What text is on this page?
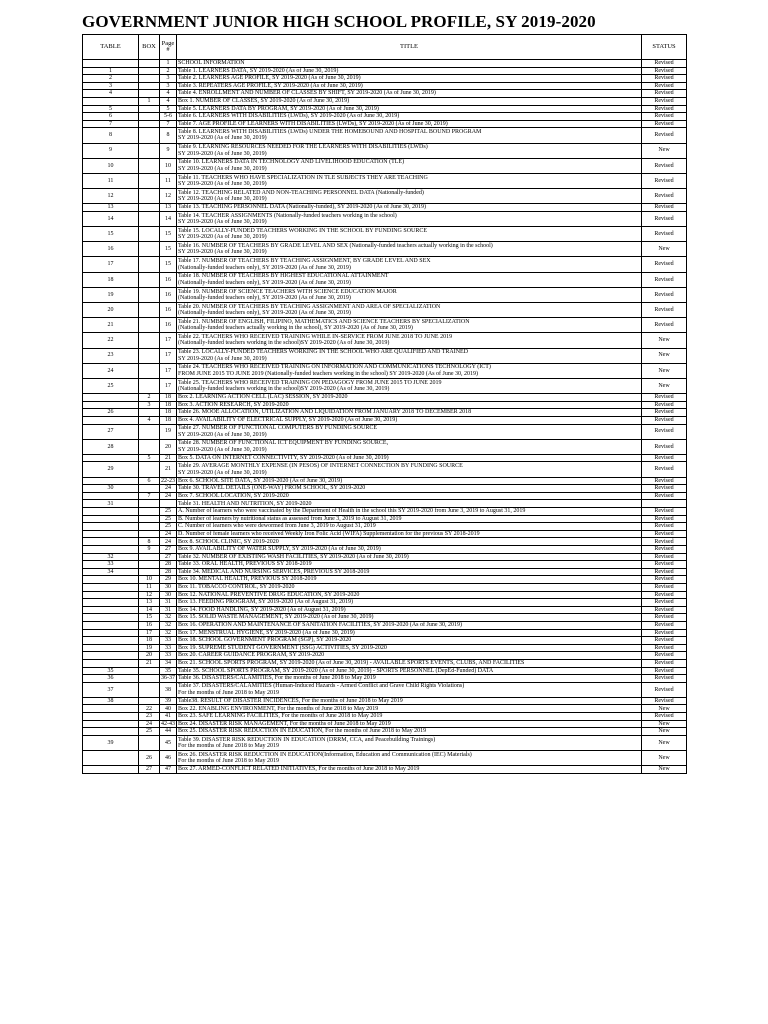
GOVERNMENT JUNIOR HIGH SCHOOL PROFILE, SY 2019-2020
TABLE	BOX	Page #	TITLE	STATUS
		1	SCHOOL INFORMATION	Revised
1		2	Table 1. LEARNERS DATA, SY 2019-2020 (As of June 30, 2019)	Revised
2		3	Table 2. LEARNERS AGE PROFILE, SY 2019-2020 (As of June 30, 2019)	Revised
3		3	Table 3. REPEATERS AGE PROFILE, SY 2019-2020 (As of June 30, 2019)	Revised
4		4	Table 4. ENROLLMENT AND NUMBER OF CLASSES BY SHIFT, SY 2019-2020 (As of June 30, 2019)	Revised
	1	4	Box 1. NUMBER OF CLASSES, SY 2019-2020 (As of June 30, 2019)	Revised
5		5	Table 5. LEARNERS DATA BY PROGRAM, SY 2019-2020 (As of June 30, 2019)	Revised
6		5-6	Table 6. LEARNERS WITH DISABILITIES (LWDs), SY 2019-2020 (As of June 30, 2019)	Revised
7		7	Table 7. AGE PROFILE OF LEARNERS WITH DISABILITIES (LWDs), SY 2019-2020 (As of June 30, 2019)	Revised
8		8	Table 8. LEARNERS WITH DISABILITIES (LWDs) UNDER THE HOMEBOUND AND HOSPITAL BOUND PROGRAM
SY 2019-2020 (As of June 30, 2019)	Revised
9		9	Table 9. LEARNING RESOURCES NEEDED FOR THE LEARNERS WITH DISABILITIES (LWDs)
SY 2019-2020 (As of June 30, 2019)	New
10		10	Table 10. LEARNERS DATA IN TECHNOLOGY AND LIVELIHOOD EDUCATION (TLE)
SY 2019-2020 (As of June 30, 2019)	Revised
11		11	Table 11. TEACHERS WHO HAVE SPECIALIZATION IN TLE SUBJECTS THEY ARE TEACHING
SY 2019-2020 (As of June 30, 2019)	Revised
12		12	Table 12. TEACHING RELATED AND NON-TEACHING PERSONNEL DATA (Nationally-funded)
SY 2019-2020 (As of June 30, 2019)	Revised
13		13	Table 13. TEACHING PERSONNEL DATA (Nationally-funded), SY 2019-2020 (As of June 30, 2019)	Revised
14		14	Table 14. TEACHER ASSIGNMENTS (Nationally-funded teachers working in the school)
SY 2019-2020 (As of June 30, 2019)	Revised
15		15	Table 15. LOCALLY-FUNDED TEACHERS WORKING IN THE SCHOOL BY FUNDING SOURCE
SY 2019-2020 (As of June 30, 2019)	Revised
16		15	Table 16. NUMBER OF TEACHERS BY GRADE LEVEL AND SEX (Nationally-funded teachers actually working in the school)
SY 2019-2020 (As of June 30, 2019)	New
17		15	Table 17. NUMBER OF TEACHERS BY TEACHING ASSIGNMENT, BY GRADE LEVEL AND SEX
(Nationally-funded teachers only), SY 2019-2020 (As of June 30, 2019)	Revised
18		16	Table 18. NUMBER OF TEACHERS BY HIGHEST EDUCATIONAL ATTAINMENT
(Nationally-funded teachers only), SY 2019-2020 (As of June 30, 2019)	Revised
19		16	Table 19. NUMBER OF SCIENCE TEACHERS WITH SCIENCE EDUCATION MAJOR
(Nationally-funded teachers only), SY 2019-2020 (As of June 30, 2019)	Revised
20		16	Table 20. NUMBER OF TEACHERS BY TEACHING ASSIGNMENT AND AREA OF SPECIALIZATION
(Nationally-funded teachers only), SY 2019-2020 (As of June 30, 2019)	Revised
21		16	Table 21. NUMBER OF ENGLISH, FILIPINO, MATHEMATICS AND SCIENCE TEACHERS BY SPECIALIZATION
(Nationally-funded teachers actually working in the school), SY 2019-2020 (As of June 30, 2019)	Revised
22		17	Table 22. TEACHERS WHO RECEIVED TRAINING WHILE IN-SERVICE FROM JUNE 2018 TO JUNE 2019
(Nationally-funded teachers working in the school)SY 2019-2020 (As of June 30, 2019)	New
23		17	Table 23. LOCALLY-FUNDED TEACHERS WORKING IN THE SCHOOL WHO ARE QUALIFIED AND TRAINED
SY 2019-2020 (As of June 30, 2019)	New
24		17	Table 24. TEACHERS WHO RECEIVED TRAINING ON INFORMATION AND COMMUNICATIONS TECHNOLOGY (ICT)
FROM JUNE 2015 TO JUNE 2019 (Nationally-funded teachers working in the school) SY 2019-2020 (As of June 30, 2019)	New
25		17	Table 25. TEACHERS WHO RECEIVED TRAINING ON PEDAGOGY FROM JUNE 2015 TO JUNE 2019
(Nationally-funded teachers working in the school)SY 2019-2020 (As of June 30, 2019)	New
	2	18	Box 2. LEARNING ACTION CELL (LAC) SESSION, SY 2019-2020	Revised
	3	18	Box 3. ACTION RESEARCH, SY 2019-2020	Revised
26		18	Table 26. MOOE ALLOCATION, UTILIZATION AND LIQUIDATION FROM JANUARY 2018 TO DECEMBER 2018	Revised
	4	18	Box 4. AVAILABILITY OF ELECTRICAL SUPPLY, SY 2019-2020 (As of June 30, 2019)	Revised
27		19	Table 27. NUMBER OF FUNCTIONAL COMPUTERS BY FUNDING SOURCE
SY 2019-2020 (As of June 30, 2019)	Revised
28		20	Table 28. NUMBER OF FUNCTIONAL ICT EQUIPMENT BY FUNDING SOURCE,
SY 2019-2020 (As of June 30, 2019)	Revised
	5	21	Box 5. DATA ON INTERNET CONNECTIVITY, SY 2019-2020 (As of June 30, 2019)	Revised
29		21	Table 29. AVERAGE MONTHLY EXPENSE (IN PESOS) OF INTERNET CONNECTION BY FUNDING SOURCE
SY 2019-2020 (As of June 30, 2019)	Revised
	6	22-23	Box 6. SCHOOL SITE DATA, SY 2019-2020 (As of June 30, 2019)	Revised
30		24	Table 30. TRAVEL DETAILS (ONE-WAY) FROM SCHOOL, SY 2019-2020	Revised
	7	24	Box 7. SCHOOL LOCATION, SY 2019-2020	Revised
31			Table 31. HEALTH AND NUTRITION, SY 2019-2020	

		25	A. Number of learners who were vaccinated by the Department of Health in the school this SY 2019-2020 from June 3, 2019 to August 31, 2019	Revised
		25	B. Number of learners by nutritional status as assessed from June 3, 2019 to August 31, 2019	Revised
		25	C. Number of learners who were dewormed from June 3, 2019 to August 31, 2019	Revised
		24	D. Number of female learners who received Weekly Iron Folic Acid (WIFA) Supplementation for the previous SY 2018-2019	Revised
	8	24	Box 8. SCHOOL CLINIC, SY 2019-2020	Revised
	9	27	Box 9. AVAILABILITY OF WATER SUPPLY, SY 2019-2020 (As of June 30, 2019)	Revised
32		27	Table 32. NUMBER OF EXISTING WASH FACILITIES, SY 2019-2020 (As of June 30, 2019)	Revised
33		28	Table 33. ORAL HEALTH, PREVIOUS SY 2018-2019	Revised
34		28	Table 34. MEDICAL AND NURSING SERVICES, PREVIOUS SY 2018-2019	Revised
	10	29	Box 10. MENTAL HEALTH, PREVIOUS SY 2018-2019	Revised
	11	30	Box 11. TOBACCO CONTROL, SY 2019-2020	Revised
	12	30	Box 12. NATIONAL PREVENTIVE DRUG EDUCATION, SY 2019-2020	Revised
	13	31	Box 13. FEEDING PROGRAM, SY 2019-2020 (As of August 31, 2019)	Revised
	14	31	Box 14. FOOD HANDLING, SY 2019-2020 (As of August 31, 2019)	Revised
	15	32	Box 15. SOLID WASTE MANAGEMENT, SY 2019-2020 (As of June 30, 2019)	Revised
	16	32	Box 16. OPERATION AND MAINTENANCE OF SANITATION FACILITIES, SY 2019-2020 (As of June 30, 2019)	Revised
	17	32	Box 17. MENSTRUAL HYGIENE, SY 2019-2020 (As of June 30, 2019)	Revised
	18	33	Box 18. SCHOOL GOVERNMENT PROGRAM (SGP), SY 2019-2020	Revised
	19	33	Box 19. SUPREME STUDENT GOVERNMENT (SSG) ACTIVITIES, SY 2019-2020	Revised
	20	33	Box 20. CAREER GUIDANCE PROGRAM, SY 2019-2020	Revised
	21	34	Box 21. SCHOOL SPORTS PROGRAM, SY 2019-2020 (As of June 30, 2019) - AVAILABLE SPORTS EVENTS, CLUBS, AND FACILITIES	Revised
35		35	Table 35. SCHOOL SPORTS PROGRAM, SY 2019-2020 (As of June 30, 2019) - SPORTS PERSONNEL (DepEd-Funded) DATA	Revised
36		36-37	Table 36. DISASTERS/CALAMITIES, For the months of June 2018 to May 2019	Revised
37		38	Table 37. DISASTERS/CALAMITIES (Human-Induced Hazards - Armed Conflict and Grave Child Rights Violations)
For the months of June 2018 to May 2019	Revised
38		39	Table38. RESULT OF DISASTER INCIDENCES, For the months of June 2018 to May 2019	Revised
	22	40	Box 22. ENABLING ENVIRONMENT, For the months of June 2018 to May 2019	New
	23	41	Box 23. SAFE LEARNING FACILITIES, For the months of June 2018 to May 2019	Revised
	24	42-43	Box 24. DISASTER RISK MANAGEMENT, For the months of June 2018 to May 2019	New
	25	44	Box 25. DISASTER RISK REDUCTION IN EDUCATION, For the months of June 2018 to May 2019	New
39		45	Table 39. DISASTER RISK REDUCTION IN EDUCATION (DRRM, CCA, and Peacebuilding Trainings)
For the months of June 2018 to May 2019	New
	26	46	Box 26. DISASTER RISK REDUCTION IN EDUCATION(Information, Education and Communication (IEC) Materials)
For the months of June 2018 to May 2019	New
	27	47	Box 27. ARMED-CONFLICT RELATED INITIATIVES, For the months of June 2018 to May 2019	New
